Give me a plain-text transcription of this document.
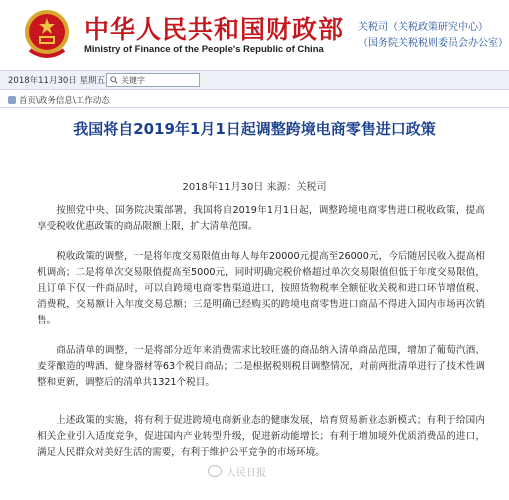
中华人民共和国财政部
Ministry of Finance of the People's Republic of China
关税司（关税政策研究中心）
（国务院关税税则委员会办公室）
2018年11月30日 星期五
关键字
首页\政务信息\工作动态
我国将自2019年1月1日起调整跨境电商零售进口政策
2018年11月30日 来源：关税司

按照党中央、国务院决策部署，我国将自2019年1月1日起，调整跨境电商零售进口税收政策，提高享受税收优惠政策的商品限额上限，扩大清单范围。

税收政策的调整，一是将年度交易限值由每人每年20000元提高至26000元，今后随居民收入提高相机调高；二是将单次交易限值提高至5000元，同时明确完税价格超过单次交易限值但低于年度交易限值，且订单下仅一件商品时，可以自跨境电商零售渠道进口，按照货物税率全额征收关税和进口环节增值税、消费税，交易额计入年度交易总额；三是明确已经购买的跨境电商零售进口商品不得进入国内市场再次销售。

商品清单的调整，一是将部分近年来消费需求比较旺盛的商品纳入清单商品范围，增加了葡萄汽酒、麦芽酿造的啤酒、健身器材等63个税目商品；二是根据税则税目调整情况，对前两批清单进行了技术性调整和更新，调整后的清单共1321个税目。

上述政策的实施，将有利于促进跨境电商新业态的健康发展，培育贸易新业态新模式；有利于给国内相关企业引入适度竞争，促进国内产业转型升级，促进新动能增长；有利于增加境外优质消费品的进口，满足人民群众对美好生活的需要，有利于维护公平竞争的市场环境。

人民日报
